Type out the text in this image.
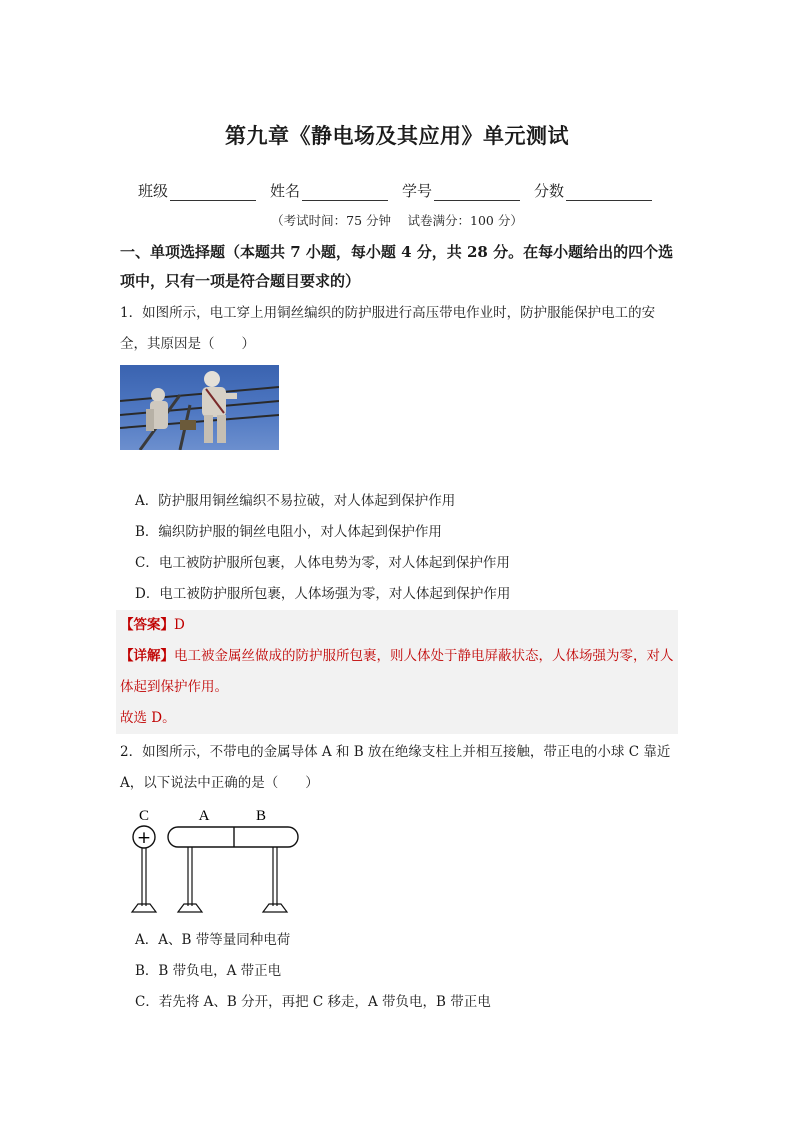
第九章《静电场及其应用》单元测试
班级	姓名	学号	分数
（考试时间：75 分钟　 试卷满分：100 分）
一、单项选择题（本题共 7 小题，每小题 4 分，共 28 分。在每小题给出的四个选项中，只有一项是符合题目要求的）
1．如图所示，电工穿上用铜丝编织的防护服进行高压带电作业时，防护服能保护电工的安全，其原因是（　　）
A．防护服用铜丝编织不易拉破，对人体起到保护作用
B．编织防护服的铜丝电阻小，对人体起到保护作用
C．电工被防护服所包裹，人体电势为零，对人体起到保护作用
D．电工被防护服所包裹，人体场强为零，对人体起到保护作用
【答案】D
【详解】电工被金属丝做成的防护服所包裹，则人体处于静电屏蔽状态，人体场强为零，对人体起到保护作用。
故选 D。
2．如图所示，不带电的金属导体 A 和 B 放在绝缘支柱上并相互接触，带正电的小球 C 靠近 A，以下说法中正确的是（　　）
C	A	B
+
A．A、B 带等量同种电荷
B．B 带负电，A 带正电
C．若先将 A、B 分开，再把 C 移走，A 带负电，B 带正电
